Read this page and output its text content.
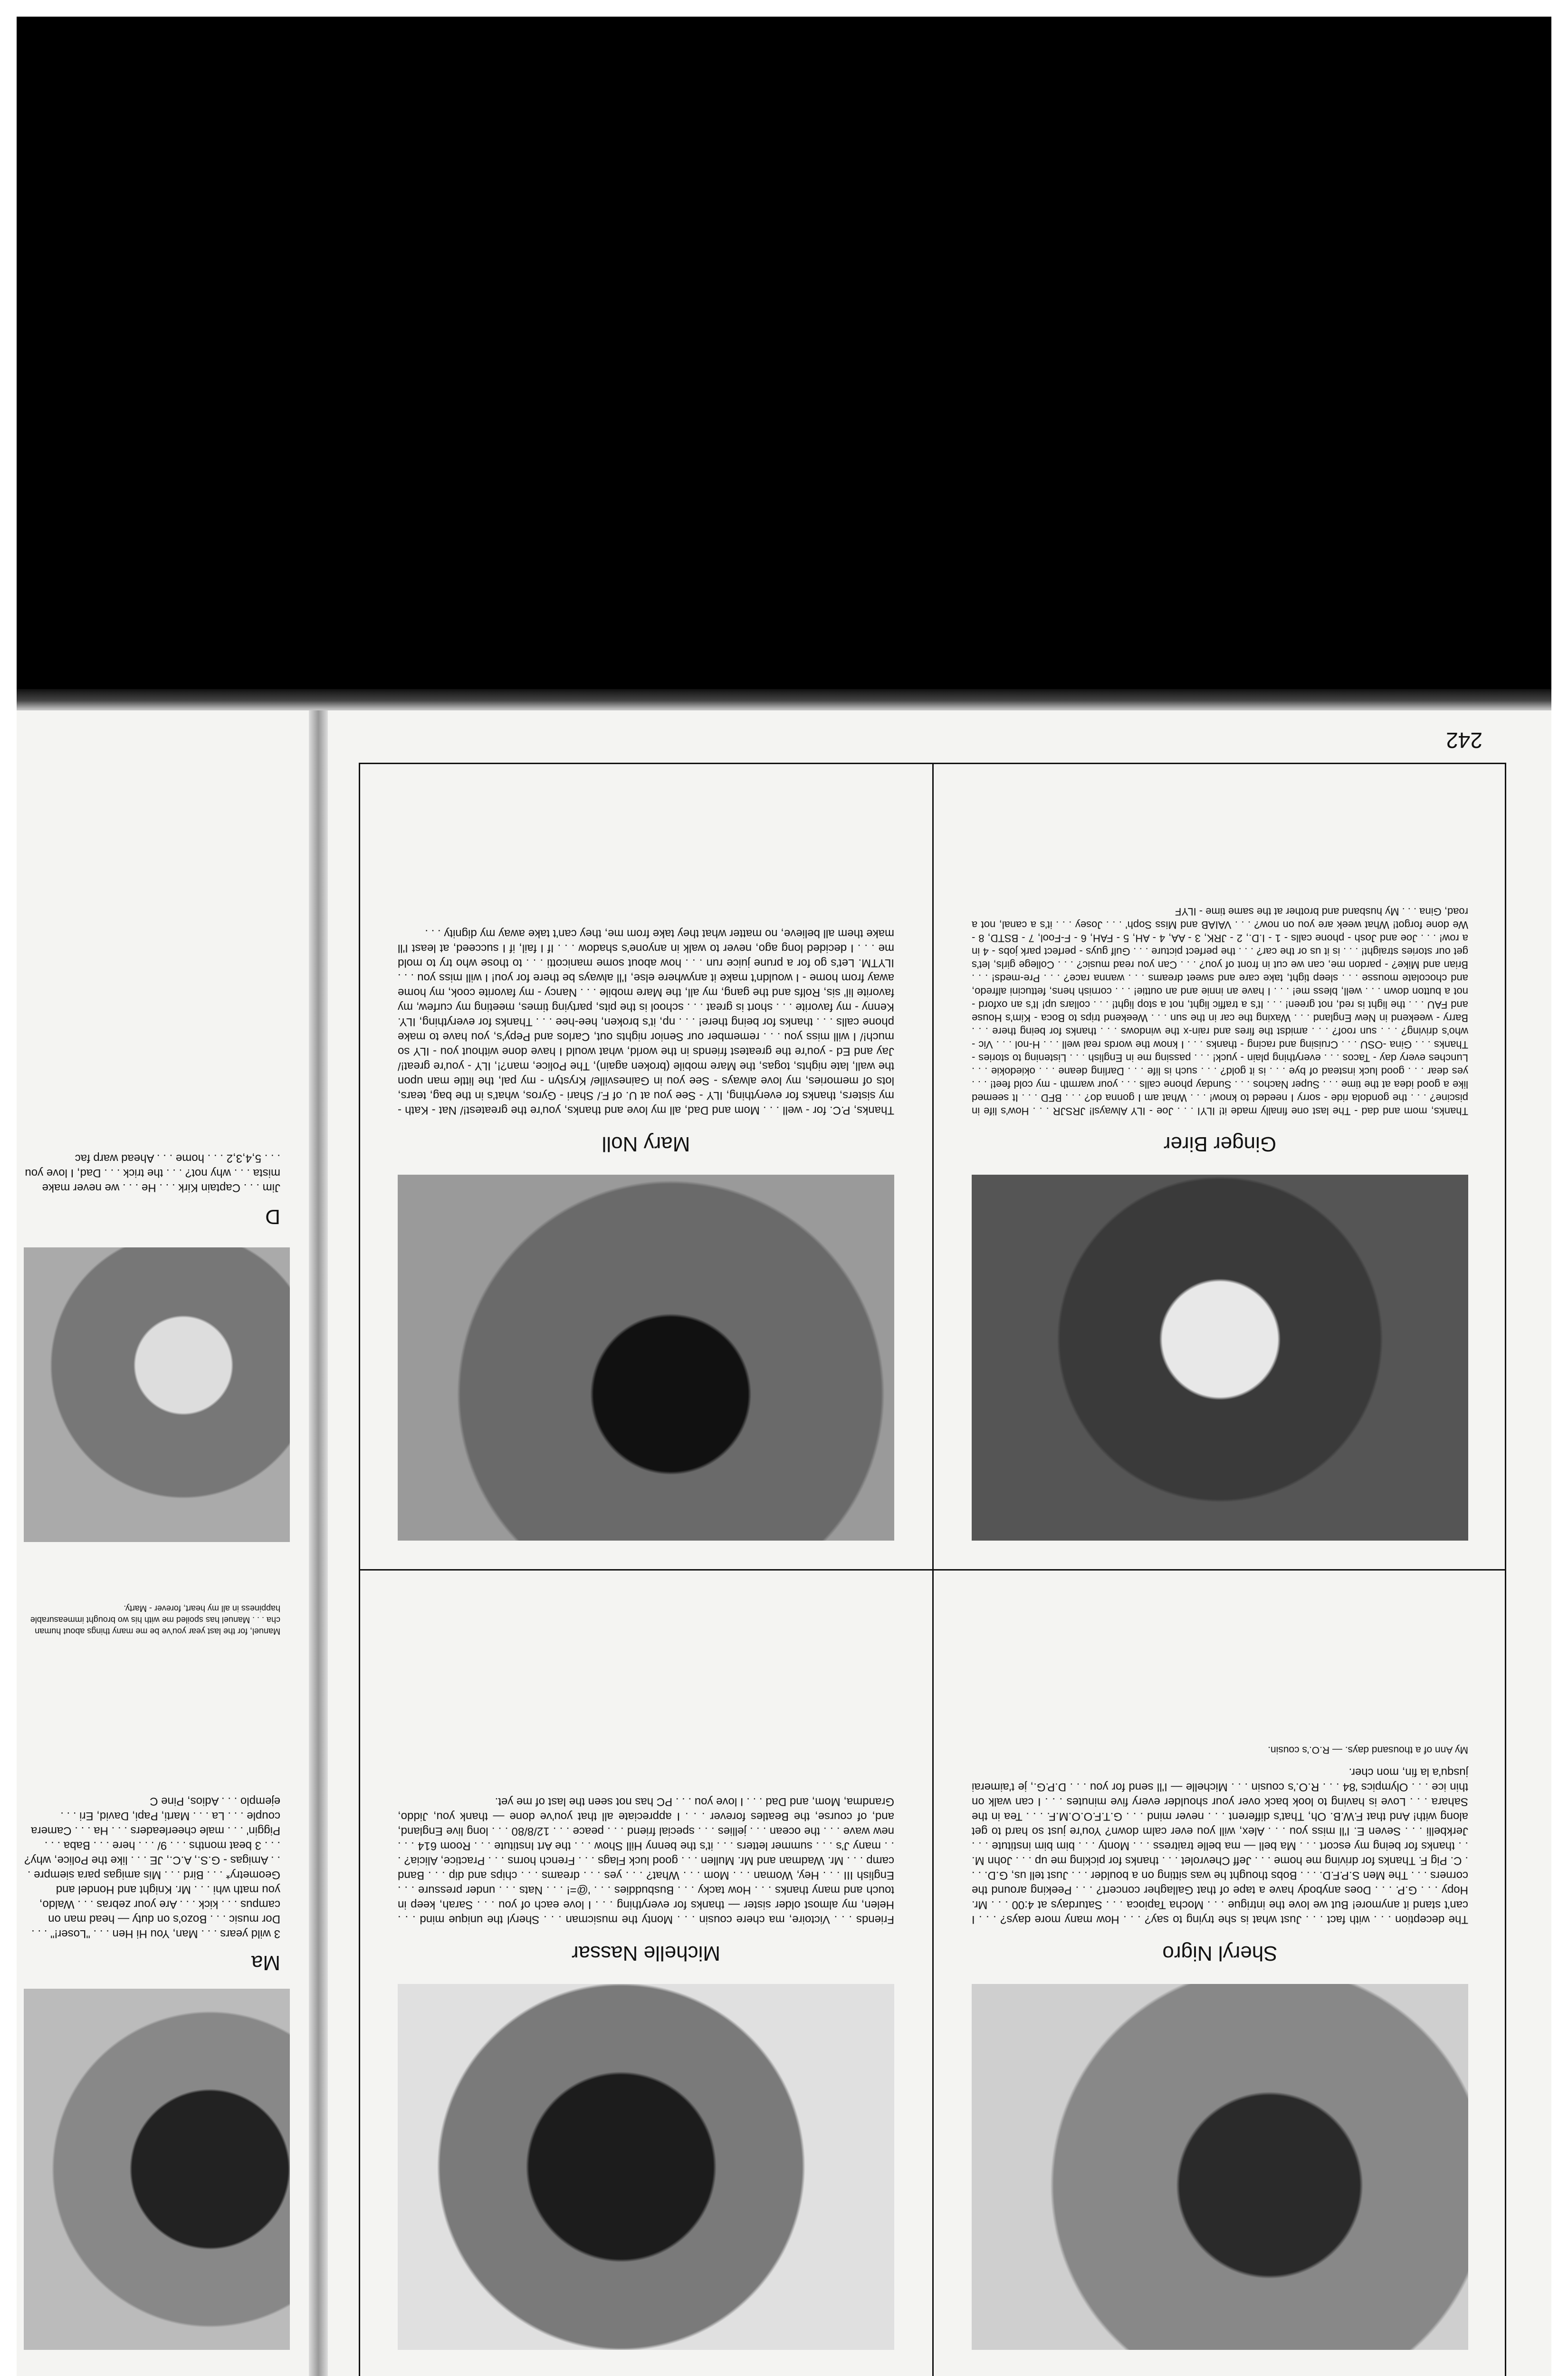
Sheryl Nigro
The deception . . . with fact . . . Just what is she trying to say? . . . How many more days? . . . I can't stand it anymore! But we love the intrigue . . . Mocha Tapioca . . . Saturdays at 4:00 . . . Mr. Hopy . . . G.P. . . . Does anybody have a tape of that Gallagher concert? . . . Peeking around the corners . . . The Men S.P.F.D. . . . Bobs thought he was sitting on a boulder . . . Just tell us, G.D. . . . C. Pig F. Thanks for driving me home . . . Jeff Chevrolet . . . thanks for picking me up . . . John M. . . thanks for being my escort . . . Ma bell — ma belle traitress . . . Monty . . . bim bim institute . . . Jerkbelli . . . Seven E. I'll miss you . . . Alex, will you ever calm down? You're just so hard to get along with! And that F.W.B. Oh, That's different . . . never mind . . . G.T.F.O.O.M.F. . . . Tea in the Sahara . . . Love is having to look back over your shoulder every five minutes . . . I can walk on thin ice . . . Olympics '84 . . . R.O.'s cousin . . . Michelle — I'll send for you . . . D.P.G., je t'aimerai jusqu'a la fin, mon cher.
My Ann of a thousand days. — R.O.'s cousin.
Michelle Nassar
Friends . . . Victoire, ma chere cousin . . . Monty the musicman . . . Sheryl the unique mind . . . Helen, my almost older sister — thanks for everything . . . I love each of you . . . Sarah, keep in touch and many thanks . . . How tacky . . . Busbuddies . . . '@=! . . . Nats . . . under pressure . . . English III . . . Hey, Woman . . . Mom . . . What? . . . yes . . . dreams . . . chips and dip . . . Band camp . . . Mr. Wadman and Mr. Mullen . . . good luck Flags . . . French horns . . . Practice, Alicia? . . . many J's . . . summer letters . . . it's the benny Hill Show . . . the Art Institute . . . Room 614 . . . new wave . . . the ocean . . . jellies . . . special friend . . . peace . . . 12/8/80 . . . long live England, and, of course, the Beatles forever . . . I appreciate all that you've done — thank you, Jiddo, Grandma, Mom, and Dad . . . I love you . . . PC has not seen the last of me yet.
Ginger Birer
Thanks, mom and dad - The last one finally made it! ILYI . . . Joe - ILY Alwaysl! JRSJR . . . How's life in piscine? . . . the gondola ride - sorry I needed to know! . . . What am I gonna do? . . . BFD . . . It seemed like a good idea at the time . . . Super Nachos . . . Sunday phone calls . . . your warmth - my cold feet! . . . yes dear . . . good luck instead of bye . . . is it gold? . . . such is life . . . Darling deane . . . okiedokie . . . Lunches every day - Tacos . . . everything plain - yuck! . . . passing me in English . . . Listening to stories - Thanks . . . Gina -OSU . . . Cruising and racing - thanks . . . I know the words real well . . . H-nol . . . Vic - who's driving? . . . sun roof? . . . amidst the fires and rain-x the windows . . . thanks for being there . . . Barry - weekend in New England . . . Waxing the car in the sun . . . Weekend trips to Boca - Kim's House and FAU . . . the light is red, not green! . . . It's a traffic light, not a stop light! . . . collars up! It's an oxford - not a button down . . . well, bless me! . . . I have an innie and an outtie! . . . cornish hens, fettucini alfredo, and chocolate mousse . . . sleep tight, take care and sweet dreams . . . wanna race? . . . Pre-meds! . . . Brian and Mike? - pardon me, can we cut in front of you? . . . Can you read music? . . . College girls, let's get our stories straight! . . . is it us or the car? . . . the perfect picture . . . Gulf guys - perfect park jobs - 4 in a row! . . . Joe and Josh - phone calls - 1 - I.D., 2 - JRK, 3 - AA, 4 - AH, 5 - FAH, 6 - F-Fool, 7 - BSTD, 8 - We done forgot! What week are you on now? . . . VAIAB and Miss Soph' . . . Josey . . . it's a canal, not a road, Gina . . . My husband and brother at the same time - ILYF
Mary Noll
Thanks, P.C. for - well . . . Mom and Dad, all my love and thanks, you're the greatest!/ Nat - Kath - my sisters, thanks for everything, ILY - See you at U. of F./ Shari - Gyros, what's in the bag, tears, lots of memories, my love always - See you in Gainesville/ Krystyn - my pal, the little man upon the wall, late nights, togas, the Mare mobile (broken again), The Police, man?!, ILY - you're great!/ Jay and Ed - you're the greatest friends in the world, what would I have done without you - ILY so much!/ I will miss you . . . remember our Senior nights out, Carlos and Pepy's, you have to make phone calls . . . thanks for being there! . . . np, it's broken, hee-hee . . . Thanks for everything, ILY. Kenny - my favorite . . . short is great . . . school is the pits, partying times, meeting my curfew, my favorite lil' sis, Rolfs and the gang, my all, the Mare mobile . . . Nancy - my favorite cook, my home away from home - I wouldn't make it anywhere else, I'll always be there for you! I will miss you . . . ILYTM. Let's go for a prune juice run . . . how about some manicotti . . . to those who try to mold me . . . I decided long ago, never to walk in anyone's shadow . . . If I fail, if I succeed, at least I'll make them all believe, no matter what they take from me, they can't take away my dignity . . .
242
Ma
3 wild years . . . Man, You Hi Hen . . . "Loser!" . . . Dor music . . . Bozo's on duty — head man on campus . . . kick . . . Are your zebras . . . Waldo, you math whi . . . Mr. Knight and Hondel and Geometry* . . . Bird . . . Mis amigas para siempre . . . Amigas - G.S., A.C., JE . . . like the Police, why? . . . 3 beat months . . . 9/ . . . here . . . Baba . . . Piggin' . . . male cheerleaders . . . Ha . . . Camera couple . . . La . . . Marti, Papi, David, Eri . . . ejemplo . . . Adios, Pine C
Manuel, for the last year you've be me many things about human cha . . . Manuel has spoiled me with his wo brought immeasurable happiness in all my heart, forever - Marty.
D
Jim . . . Captain Kirk . . . He . . . we never make mista . . . why not? . . . the trick . . . Dad, I love you . . . 5,4,3,2 . . . home . . . Ahead warp fac
